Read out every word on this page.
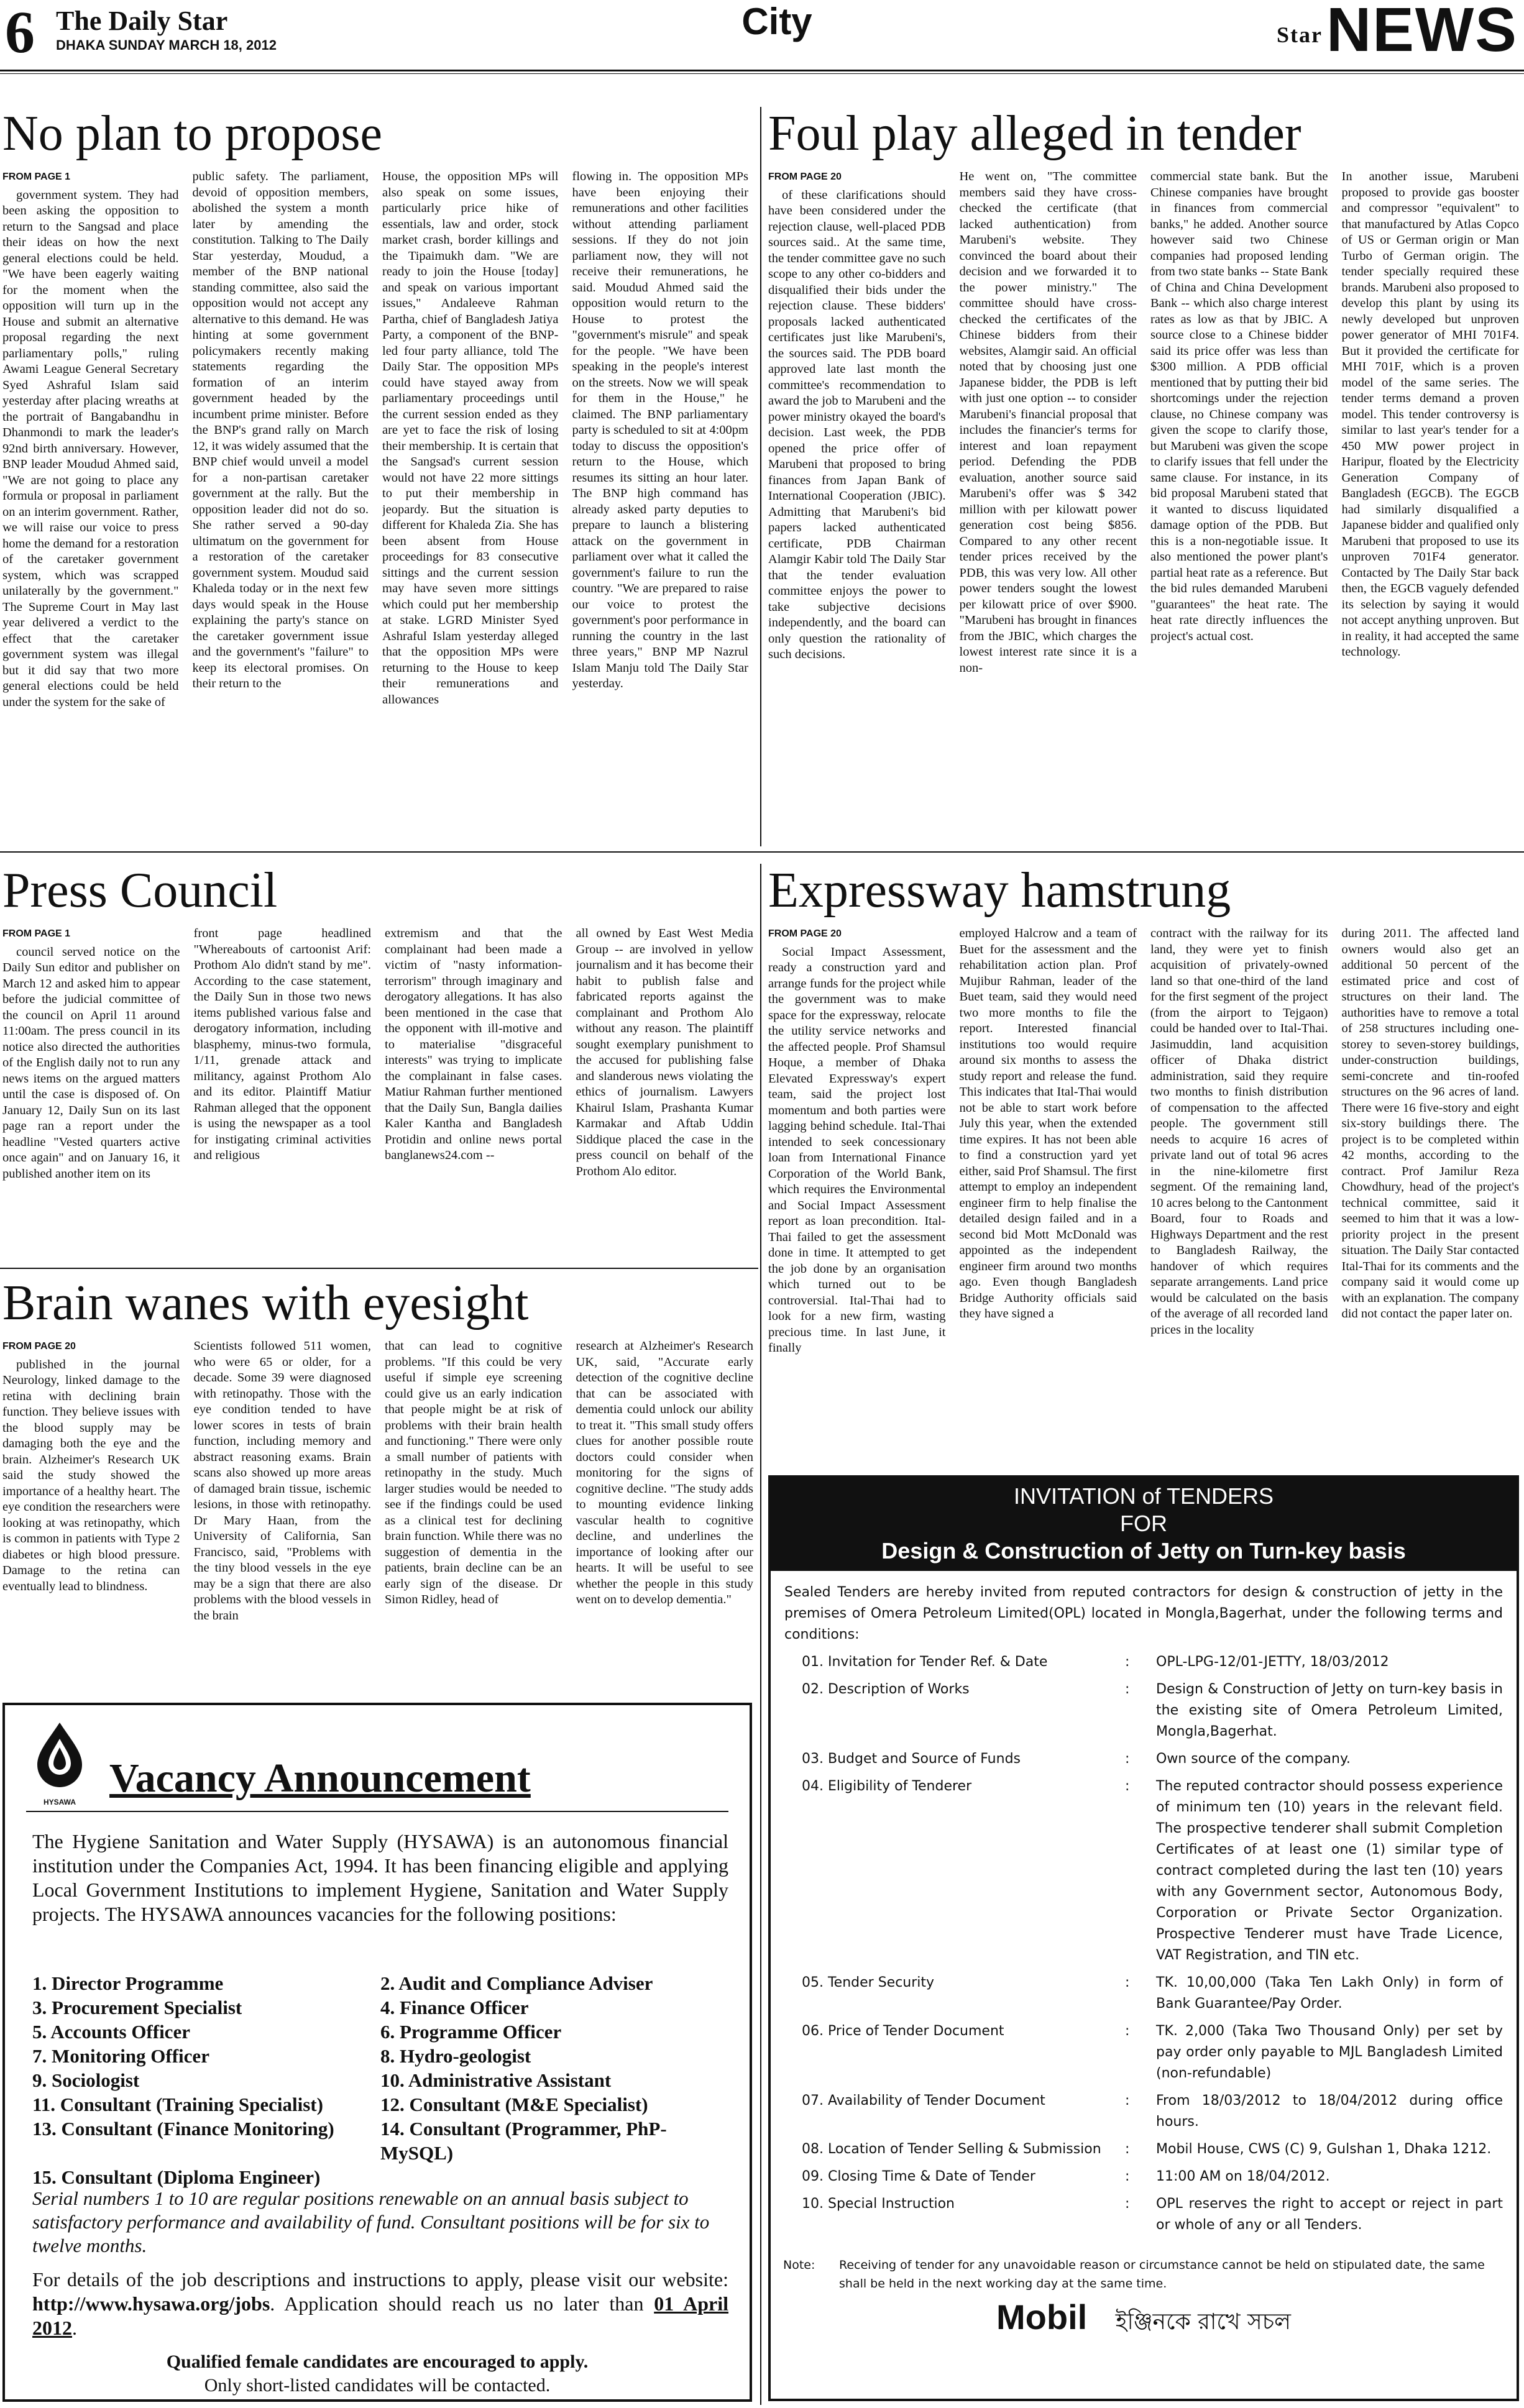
6 The Daily Star
DHAKA SUNDAY MARCH 18, 2012
City	StarNEWS
No plan to propose
FROM PAGE 1

government system. They had been asking the opposition to return to the Sangsad and place their ideas on how the next general elections could be held. "We have been eagerly waiting for the moment when the opposition will turn up in the House and submit an alternative proposal regarding the next parliamentary polls," ruling Awami League General Secretary Syed Ashraful Islam said yesterday after placing wreaths at the portrait of Bangabandhu in Dhanmondi to mark the leader's 92nd birth anniversary. However, BNP leader Moudud Ahmed said, "We are not going to place any formula or proposal in parliament on an interim government. Rather, we will raise our voice to press home the demand for a restoration of the caretaker government system, which was scrapped unilaterally by the government." The Supreme Court in May last year delivered a verdict to the effect that the caretaker government system was illegal but it did say that two more general elections could be held under the system for the sake of

public safety. The parliament, devoid of opposition members, abolished the system a month later by amending the constitution. Talking to The Daily Star yesterday, Moudud, a member of the BNP national standing committee, also said the opposition would not accept any alternative to this demand. He was hinting at some government policymakers recently making statements regarding the formation of an interim government headed by the incumbent prime minister. Before the BNP's grand rally on March 12, it was widely assumed that the BNP chief would unveil a model for a non-partisan caretaker government at the rally. But the opposition leader did not do so. She rather served a 90-day ultimatum on the government for a restoration of the caretaker government system. Moudud said Khaleda today or in the next few days would speak in the House explaining the party's stance on the caretaker government issue and the government's "failure" to keep its electoral promises. On their return to the

House, the opposition MPs will also speak on some issues, particularly price hike of essentials, law and order, stock market crash, border killings and the Tipaimukh dam. "We are ready to join the House [today] and speak on various important issues," Andaleeve Rahman Partha, chief of Bangladesh Jatiya Party, a component of the BNP-led four party alliance, told The Daily Star. The opposition MPs could have stayed away from parliamentary proceedings until the current session ended as they are yet to face the risk of losing their membership. It is certain that the Sangsad's current session would not have 22 more sittings to put their membership in jeopardy. But the situation is different for Khaleda Zia. She has been absent from House proceedings for 83 consecutive sittings and the current session may have seven more sittings which could put her membership at stake. LGRD Minister Syed Ashraful Islam yesterday alleged that the opposition MPs were returning to the House to keep their remunerations and allowances

flowing in. The opposition MPs have been enjoying their remunerations and other facilities without attending parliament sessions. If they do not join parliament now, they will not receive their remunerations, he said. Moudud Ahmed said the opposition would return to the House to protest the "government's misrule" and speak for the people. "We have been speaking in the people's interest on the streets. Now we will speak for them in the House," he claimed. The BNP parliamentary party is scheduled to sit at 4:00pm today to discuss the opposition's return to the House, which resumes its sitting an hour later. The BNP high command has already asked party deputies to prepare to launch a blistering attack on the government in parliament over what it called the government's failure to run the country. "We are prepared to raise our voice to protest the government's poor performance in running the country in the last three years," BNP MP Nazrul Islam Manju told The Daily Star yesterday.

Foul play alleged in tender
FROM PAGE 20

of these clarifications should have been considered under the rejection clause, well-placed PDB sources said.. At the same time, the tender committee gave no such scope to any other co-bidders and disqualified their bids under the rejection clause. These bidders' proposals lacked authenticated certificates just like Marubeni's, the sources said. The PDB board approved late last month the committee's recommendation to award the job to Marubeni and the power ministry okayed the board's decision. Last week, the PDB opened the price offer of Marubeni that proposed to bring finances from Japan Bank of International Cooperation (JBIC). Admitting that Marubeni's bid papers lacked authenticated certificate, PDB Chairman Alamgir Kabir told The Daily Star that the tender evaluation committee enjoys the power to take subjective decisions independently, and the board can only question the rationality of such decisions.

He went on, "The committee members said they have cross-checked the certificate (that lacked authentication) from Marubeni's website. They convinced the board about their decision and we forwarded it to the power ministry." The committee should have cross-checked the certificates of the Chinese bidders from their websites, Alamgir said. An official noted that by choosing just one Japanese bidder, the PDB is left with just one option -- to consider Marubeni's financial proposal that includes the financier's terms for interest and loan repayment period. Defending the PDB evaluation, another source said Marubeni's offer was $ 342 million with per kilowatt power generation cost being $856. Compared to any other recent tender prices received by the PDB, this was very low. All other power tenders sought the lowest per kilowatt price of over $900. "Marubeni has brought in finances from the JBIC, which charges the lowest interest rate since it is a non-

commercial state bank. But the Chinese companies have brought in finances from commercial banks," he added. Another source however said two Chinese companies had proposed lending from two state banks -- State Bank of China and China Development Bank -- which also charge interest rates as low as that by JBIC. A source close to a Chinese bidder said its price offer was less than $300 million. A PDB official mentioned that by putting their bid shortcomings under the rejection clause, no Chinese company was given the scope to clarify those, but Marubeni was given the scope to clarify issues that fell under the same clause. For instance, in its bid proposal Marubeni stated that it wanted to discuss liquidated damage option of the PDB. But this is a non-negotiable issue. It also mentioned the power plant's partial heat rate as a reference. But the bid rules demanded Marubeni "guarantees" the heat rate. The heat rate directly influences the project's actual cost.

In another issue, Marubeni proposed to provide gas booster and compressor "equivalent" to that manufactured by Atlas Copco of US or German origin or Man Turbo of German origin. The tender specially required these brands. Marubeni also proposed to develop this plant by using its newly developed but unproven power generator of MHI 701F4. But it provided the certificate for MHI 701F, which is a proven model of the same series. The tender terms demand a proven model. This tender controversy is similar to last year's tender for a 450 MW power project in Haripur, floated by the Electricity Generation Company of Bangladesh (EGCB). The EGCB had similarly disqualified a Japanese bidder and qualified only Marubeni that proposed to use its unproven 701F4 generator. Contacted by The Daily Star back then, the EGCB vaguely defended its selection by saying it would not accept anything unproven. But in reality, it had accepted the same technology.

Press Council
FROM PAGE 1

council served notice on the Daily Sun editor and publisher on March 12 and asked him to appear before the judicial committee of the council on April 11 around 11:00am. The press council in its notice also directed the authorities of the English daily not to run any news items on the argued matters until the case is disposed of. On January 12, Daily Sun on its last page ran a report under the headline "Vested quarters active once again" and on January 16, it published another item on its

front page headlined "Whereabouts of cartoonist Arif: Prothom Alo didn't stand by me". According to the case statement, the Daily Sun in those two news items published various false and derogatory information, including blasphemy, minus-two formula, 1/11, grenade attack and militancy, against Prothom Alo and its editor. Plaintiff Matiur Rahman alleged that the opponent is using the newspaper as a tool for instigating criminal activities and religious

extremism and that the complainant had been made a victim of "nasty information-terrorism" through imaginary and derogatory allegations. It has also been mentioned in the case that the opponent with ill-motive and to materialise "disgraceful interests" was trying to implicate the complainant in false cases. Matiur Rahman further mentioned that the Daily Sun, Bangla dailies Kaler Kantha and Bangladesh Protidin and online news portal banglanews24.com --

all owned by East West Media Group -- are involved in yellow journalism and it has become their habit to publish false and fabricated reports against the complainant and Prothom Alo without any reason. The plaintiff sought exemplary punishment to the accused for publishing false and slanderous news violating the ethics of journalism. Lawyers Khairul Islam, Prashanta Kumar Karmakar and Aftab Uddin Siddique placed the case in the press council on behalf of the Prothom Alo editor.

Brain wanes with eyesight
FROM PAGE 20

published in the journal Neurology, linked damage to the retina with declining brain function. They believe issues with the blood supply may be damaging both the eye and the brain. Alzheimer's Research UK said the study showed the importance of a healthy heart. The eye condition the researchers were looking at was retinopathy, which is common in patients with Type 2 diabetes or high blood pressure. Damage to the retina can eventually lead to blindness.

Scientists followed 511 women, who were 65 or older, for a decade. Some 39 were diagnosed with retinopathy. Those with the eye condition tended to have lower scores in tests of brain function, including memory and abstract reasoning exams. Brain scans also showed up more areas of damaged brain tissue, ischemic lesions, in those with retinopathy. Dr Mary Haan, from the University of California, San Francisco, said, "Problems with the tiny blood vessels in the eye may be a sign that there are also problems with the blood vessels in the brain

that can lead to cognitive problems. "If this could be very useful if simple eye screening could give us an early indication that people might be at risk of problems with their brain health and functioning." There were only a small number of patients with retinopathy in the study. Much larger studies would be needed to see if the findings could be used as a clinical test for declining brain function. While there was no suggestion of dementia in the patients, brain decline can be an early sign of the disease. Dr Simon Ridley, head of

research at Alzheimer's Research UK, said, "Accurate early detection of the cognitive decline that can be associated with dementia could unlock our ability to treat it. "This small study offers clues for another possible route doctors could consider when monitoring for the signs of cognitive decline. "The study adds to mounting evidence linking vascular health to cognitive decline, and underlines the importance of looking after our hearts. It will be useful to see whether the people in this study went on to develop dementia."

Expressway hamstrung
FROM PAGE 20

Social Impact Assessment, ready a construction yard and arrange funds for the project while the government was to make space for the expressway, relocate the utility service networks and the affected people. Prof Shamsul Hoque, a member of Dhaka Elevated Expressway's expert team, said the project lost momentum and both parties were lagging behind schedule. Ital-Thai intended to seek concessionary loan from International Finance Corporation of the World Bank, which requires the Environmental and Social Impact Assessment report as loan precondition. Ital-Thai failed to get the assessment done in time. It attempted to get the job done by an organisation which turned out to be controversial. Ital-Thai had to look for a new firm, wasting precious time. In last June, it finally

employed Halcrow and a team of Buet for the assessment and the rehabilitation action plan. Prof Mujibur Rahman, leader of the Buet team, said they would need two more months to file the report. Interested financial institutions too would require around six months to assess the study report and release the fund. This indicates that Ital-Thai would not be able to start work before July this year, when the extended time expires. It has not been able to find a construction yard yet either, said Prof Shamsul. The first attempt to employ an independent engineer firm to help finalise the detailed design failed and in a second bid Mott McDonald was appointed as the independent engineer firm around two months ago. Even though Bangladesh Bridge Authority officials said they have signed a

contract with the railway for its land, they were yet to finish acquisition of privately-owned land so that one-third of the land for the first segment of the project (from the airport to Tejgaon) could be handed over to Ital-Thai. Jasimuddin, land acquisition officer of Dhaka district administration, said they require two months to finish distribution of compensation to the affected people. The government still needs to acquire 16 acres of private land out of total 96 acres in the nine-kilometre first segment. Of the remaining land, 10 acres belong to the Cantonment Board, four to Roads and Highways Department and the rest to Bangladesh Railway, the handover of which requires separate arrangements. Land price would be calculated on the basis of the average of all recorded land prices in the locality

during 2011. The affected land owners would also get an additional 50 percent of the estimated price and cost of structures on their land. The authorities have to remove a total of 258 structures including one-storey to seven-storey buildings, under-construction buildings, semi-concrete and tin-roofed structures on the 96 acres of land. There were 16 five-story and eight six-story buildings there. The project is to be completed within 42 months, according to the contract. Prof Jamilur Reza Chowdhury, head of the project's technical committee, said it seemed to him that it was a low-priority project in the present situation. The Daily Star contacted Ital-Thai for its comments and the company said it would come up with an explanation. The company did not contact the paper later on.

INVITATION of TENDERS
FOR
Design & Construction of Jetty on Turn-key basis
Sealed Tenders are hereby invited from reputed contractors for design & construction of jetty in the premises of Omera Petroleum Limited(OPL) located in Mongla,Bagerhat, under the following terms and conditions:
01. Invitation for Tender Ref. & Date	:	OPL-LPG-12/01-JETTY, 18/03/2012
02. Description of Works	:	Design & Construction of Jetty on turn-key basis in the existing site of Omera Petroleum Limited, Mongla,Bagerhat.
03. Budget and Source of Funds	:	Own source of the company.
04. Eligibility of Tenderer	:	The reputed contractor should possess experience of minimum ten (10) years in the relevant field. The prospective tenderer shall submit Completion Certificates of at least one (1) similar type of contract completed during the last ten (10) years with any Government sector, Autonomous Body, Corporation or Private Sector Organization. Prospective Tenderer must have Trade Licence, VAT Registration, and TIN etc.
05. Tender Security	:	TK. 10,00,000 (Taka Ten Lakh Only) in form of Bank Guarantee/Pay Order.
06. Price of Tender Document	:	TK. 2,000 (Taka Two Thousand Only) per set by pay order only payable to MJL Bangladesh Limited (non-refundable)
07. Availability of Tender Document	:	From 18/03/2012 to 18/04/2012 during office hours.
08. Location of Tender Selling & Submission	:	Mobil House, CWS (C) 9, Gulshan 1, Dhaka 1212.
09. Closing Time & Date of Tender	:	11:00 AM on 18/04/2012.
10. Special Instruction	:	OPL reserves the right to accept or reject in part or whole of any or all Tenders.
Note:	Receiving of tender for any unavoidable reason or circumstance cannot be held on stipulated date, the same shall be held in the next working day at the same time.
Mobil ইঞ্জিনকে রাখে সচল
HYSAWA
Vacancy Announcement
The Hygiene Sanitation and Water Supply (HYSAWA) is an autonomous financial institution under the Companies Act, 1994. It has been financing eligible and applying Local Government Institutions to implement Hygiene, Sanitation and Water Supply projects. The HYSAWA announces vacancies for the following positions:
1. Director Programme	2. Audit and Compliance Adviser
3. Procurement Specialist	4. Finance Officer
5. Accounts Officer	6. Programme Officer
7. Monitoring Officer	8. Hydro-geologist
9. Sociologist	10. Administrative Assistant
11. Consultant (Training Specialist)	12. Consultant (M&E Specialist)
13. Consultant (Finance Monitoring)	14. Consultant (Programmer, PhP-MySQL)
15. Consultant (Diploma Engineer)
Serial numbers 1 to 10 are regular positions renewable on an annual basis subject to satisfactory performance and availability of fund. Consultant positions will be for six to twelve months.
For details of the job descriptions and instructions to apply, please visit our website: http://www.hysawa.org/jobs. Application should reach us no later than 01 April 2012.
Qualified female candidates are encouraged to apply.
Only short-listed candidates will be contacted.
